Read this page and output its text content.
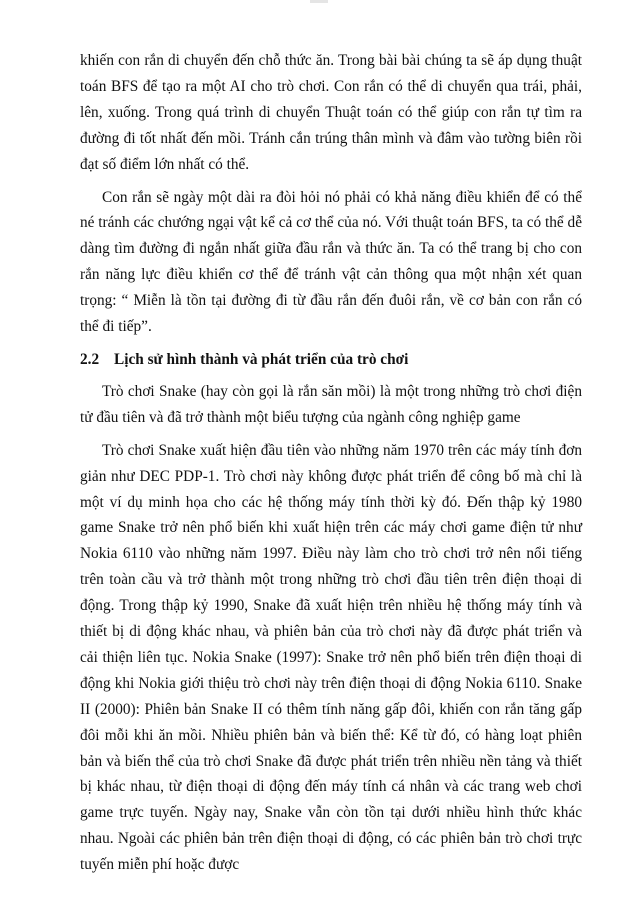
khiến con rắn di chuyển đến chỗ thức ăn. Trong bài bài chúng ta sẽ áp dụng thuật toán BFS để tạo ra một AI cho trò chơi. Con rắn có thể di chuyển qua trái, phải, lên, xuống. Trong quá trình di chuyển Thuật toán có thể giúp con rắn tự tìm ra đường đi tốt nhất đến mồi. Tránh cắn trúng thân mình và đâm vào tường biên rồi đạt số điểm lớn nhất có thể.

Con rắn sẽ ngày một dài ra đòi hỏi nó phải có khả năng điều khiển để có thể né tránh các chướng ngại vật kể cả cơ thể của nó. Với thuật toán BFS, ta có thể dễ dàng tìm đường đi ngắn nhất giữa đầu rắn và thức ăn. Ta có thể trang bị cho con rắn năng lực điều khiển cơ thể để tránh vật cản thông qua một nhận xét quan trọng: “ Miễn là tồn tại đường đi từ đầu rắn đến đuôi rắn, về cơ bản con rắn có thể đi tiếp”.

2.2 Lịch sử hình thành và phát triển của trò chơi

Trò chơi Snake (hay còn gọi là rắn săn mồi) là một trong những trò chơi điện tử đầu tiên và đã trở thành một biểu tượng của ngành công nghiệp game

Trò chơi Snake xuất hiện đầu tiên vào những năm 1970 trên các máy tính đơn giản như DEC PDP-1. Trò chơi này không được phát triển để công bố mà chỉ là một ví dụ minh họa cho các hệ thống máy tính thời kỳ đó. Đến thập kỷ 1980 game Snake trở nên phổ biến khi xuất hiện trên các máy chơi game điện tử như Nokia 6110 vào những năm 1997. Điều này làm cho trò chơi trở nên nổi tiếng trên toàn cầu và trở thành một trong những trò chơi đầu tiên trên điện thoại di động. Trong thập kỷ 1990, Snake đã xuất hiện trên nhiều hệ thống máy tính và thiết bị di động khác nhau, và phiên bản của trò chơi này đã được phát triển và cải thiện liên tục. Nokia Snake (1997): Snake trở nên phổ biến trên điện thoại di động khi Nokia giới thiệu trò chơi này trên điện thoại di động Nokia 6110. Snake II (2000): Phiên bản Snake II có thêm tính năng gấp đôi, khiến con rắn tăng gấp đôi mỗi khi ăn mồi. Nhiều phiên bản và biến thể: Kể từ đó, có hàng loạt phiên bản và biến thể của trò chơi Snake đã được phát triển trên nhiều nền tảng và thiết bị khác nhau, từ điện thoại di động đến máy tính cá nhân và các trang web chơi game trực tuyến. Ngày nay, Snake vẫn còn tồn tại dưới nhiều hình thức khác nhau. Ngoài các phiên bản trên điện thoại di động, có các phiên bản trò chơi trực tuyến miễn phí hoặc được
